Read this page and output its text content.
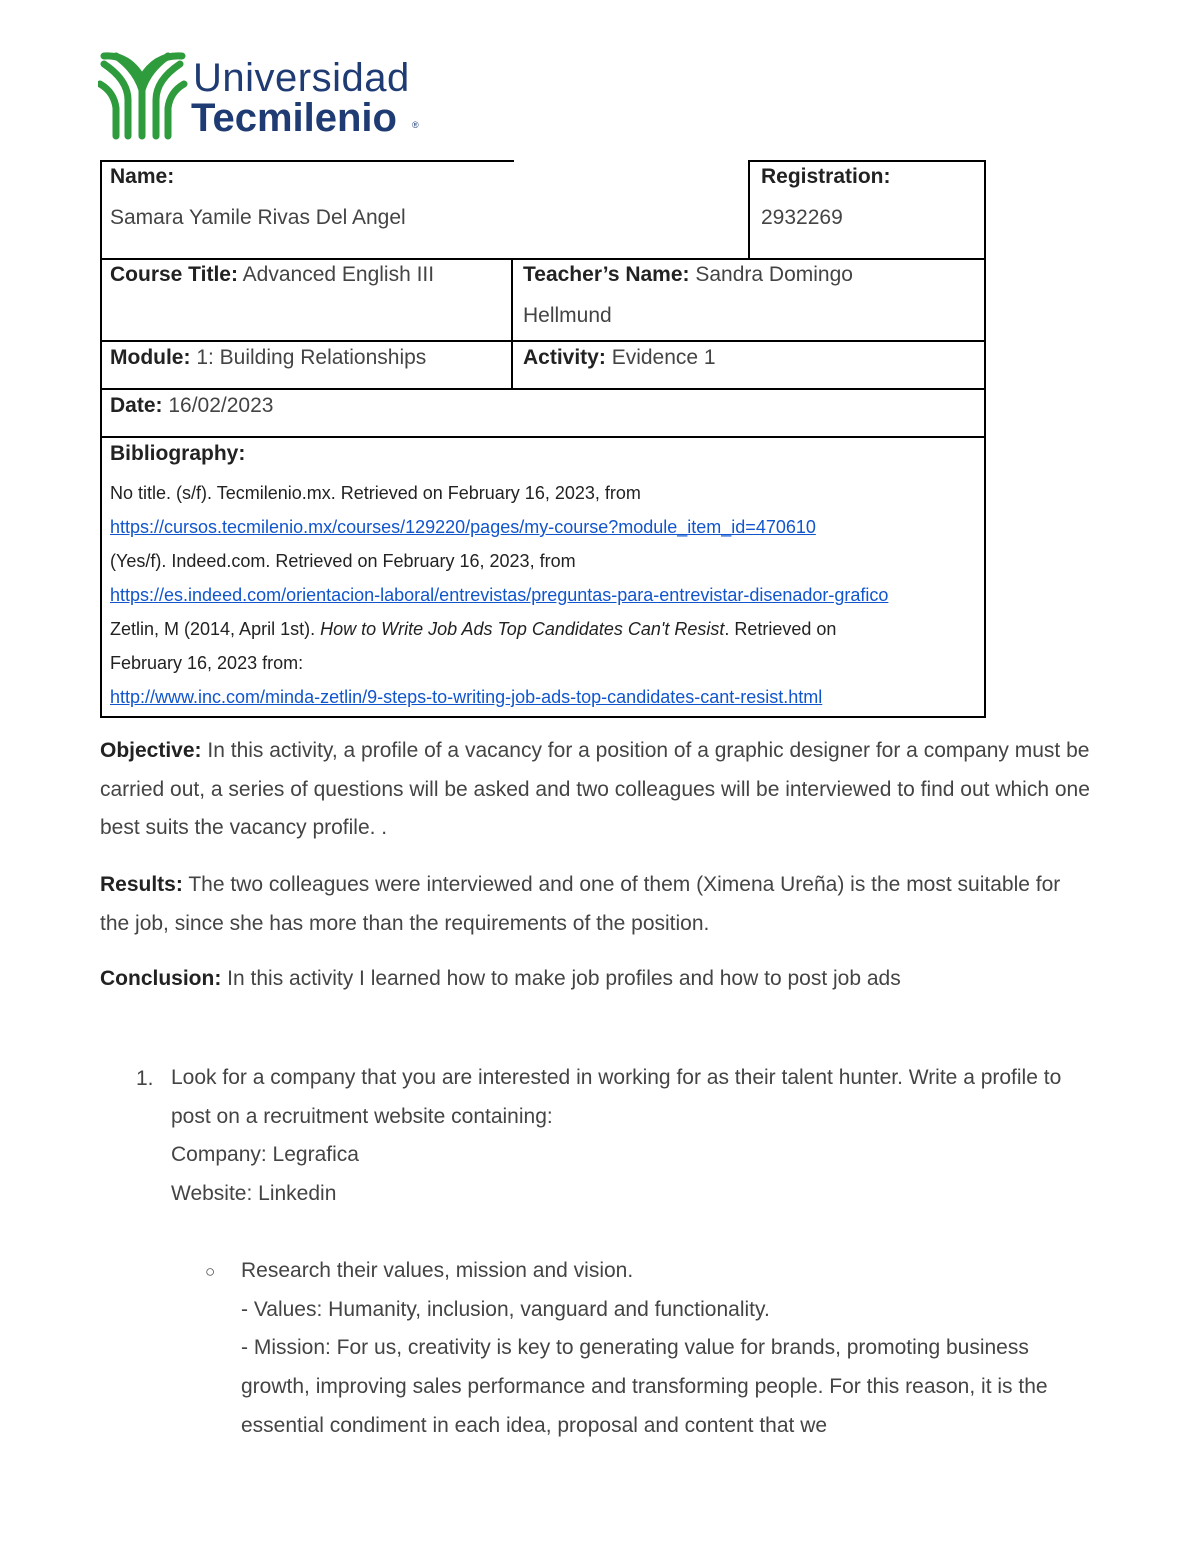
Universidad
Tecmilenio ®
Name:
Samara Yamile Rivas Del Angel
Registration:
2932269
Course Title: Advanced English III	Teacher’s Name: Sandra Domingo
Hellmund
Module: 1: Building Relationships	Activity: Evidence 1
Date: 16/02/2023
Bibliography:
No title. (s/f). Tecmilenio.mx. Retrieved on February 16, 2023, from
https://cursos.tecmilenio.mx/courses/129220/pages/my-course?module_item_id=470610
(Yes/f). Indeed.com. Retrieved on February 16, 2023, from
https://es.indeed.com/orientacion-laboral/entrevistas/preguntas-para-entrevistar-disenador-grafico
Zetlin, M (2014, April 1st). How to Write Job Ads Top Candidates Can't Resist. Retrieved on
February 16, 2023 from:
http://www.inc.com/minda-zetlin/9-steps-to-writing-job-ads-top-candidates-cant-resist.html
Objective: In this activity, a profile of a vacancy for a position of a graphic designer for a company must be carried out, a series of questions will be asked and two colleagues will be interviewed to find out which one best suits the vacancy profile. .
Results: The two colleagues were interviewed and one of them (Ximena Ureña) is the most suitable for the job, since she has more than the requirements of the position.
Conclusion: In this activity I learned how to make job profiles and how to post job ads
1. Look for a company that you are interested in working for as their talent hunter. Write a profile to post on a recruitment website containing:
Company: Legrafica
Website: Linkedin
○ Research their values, mission and vision.
- Values: Humanity, inclusion, vanguard and functionality.
- Mission: For us, creativity is key to generating value for brands, promoting business growth, improving sales performance and transforming people. For this reason, it is the essential condiment in each idea, proposal and content that we
